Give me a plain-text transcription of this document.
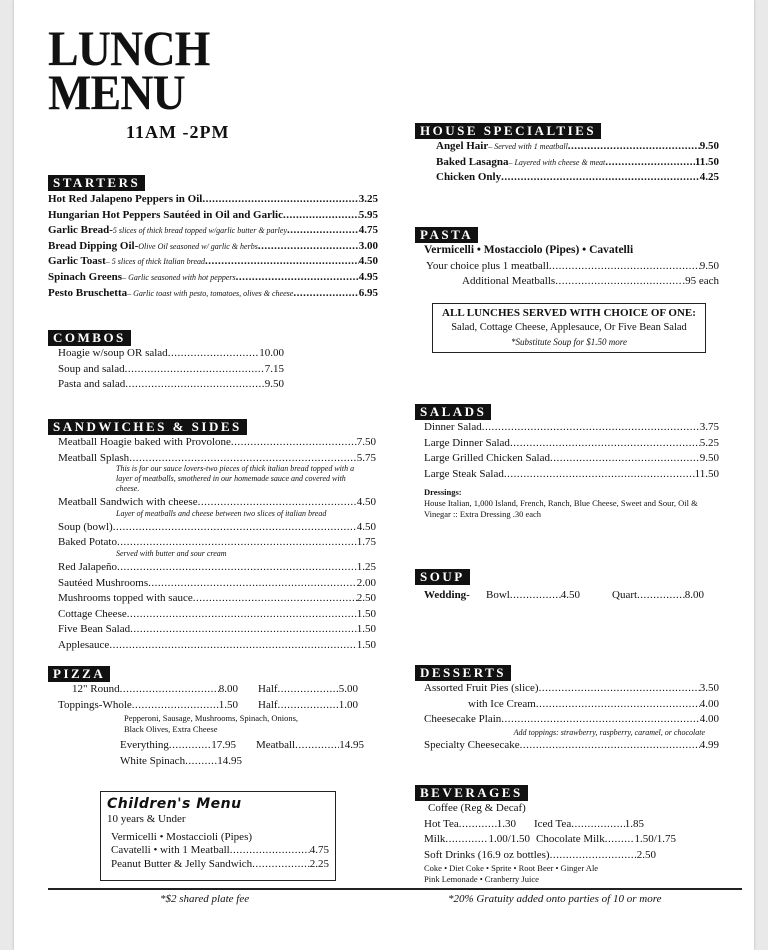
LUNCH
MENU
11AM -2PM
STARTERS
Hot Red Jalapeno Peppers in Oil .....	3.25
Hungarian Hot Peppers Sautéed in Oil and Garlic .....	5.95
Garlic Bread- 5 slices of thick bread topped w/garlic butter & parley .....	4.75
Bread Dipping Oil- Olive Oil seasoned w/ garlic & herbs .....	3.00
Garlic Toast – 5 slices of thick Italian bread .....	4.50
Spinach Greens – Garlic seasoned with hot peppers .....	4.95
Pesto Bruschetta – Garlic toast with pesto, tomatoes, olives & cheese .....	6.95
COMBOS
Hoagie w/soup OR salad .....	10.00
Soup and salad .....	7.15
Pasta and salad .....	9.50
SANDWICHES & SIDES
Meatball Hoagie baked with Provolone .....	7.50
Meatball Splash .....	5.75
This is for our sauce lovers-two pieces of thick italian bread topped with a layer of meatballs, smothered in our homemade sauce and covered with cheese.
Meatball Sandwich with cheese .....	4.50
Layer of meatballs and cheese between two slices of italian bread
Soup (bowl) .....	4.50
Baked Potato .....	1.75
Served with butter and sour cream
Red Jalapeño .....	1.25
Sautéed Mushrooms .....	2.00
Mushrooms topped with sauce .....	2.50
Cottage Cheese .....	1.50
Five Bean Salad .....	1.50
Applesauce .....	1.50
PIZZA
12" Round .....	8.00 Half .....	5.00
Toppings-Whole .....	1.50 Half .....	1.00
Pepperoni, Sausage, Mushrooms, Spinach, Onions, Black Olives, Extra Cheese
Everything .....	17.95 Meatball .....	14.95
White Spinach .....	14.95
Children's Menu
10 years & Under
Vermicelli • Mostaccioli (Pipes)
Cavatelli • with 1 Meatball .....	4.75
Peanut Butter & Jelly Sandwich .....	2.25
HOUSE SPECIALTIES
Angel Hair – Served with 1 meatball .....	9.50
Baked Lasagna – Layered with cheese & meat .....	11.50
Chicken Only .....	4.25
PASTA
Vermicelli • Mostacciolo (Pipes) • Cavatelli
Your choice plus 1 meatball .....	9.50
Additional Meatballs .....	.95 each
ALL LUNCHES SERVED WITH CHOICE OF ONE:
Salad, Cottage Cheese, Applesauce, Or Five Bean Salad
*Substitute Soup for $1.50 more
SALADS
Dinner Salad .....	3.75
Large Dinner Salad .....	5.25
Large Grilled Chicken Salad .....	9.50
Large Steak Salad .....	11.50
Dressings:
House Italian, 1,000 Island, French, Ranch, Blue Cheese, Sweet and Sour, Oil & Vinegar :: Extra Dressing .30 each
SOUP
Wedding-	Bowl .....	4.50	Quart .....	8.00
DESSERTS
Assorted Fruit Pies (slice) .....	3.50
with Ice Cream .....	4.00
Cheesecake Plain .....	4.00
Add toppings: strawberry, raspberry, caramel, or chocolate
Specialty Cheesecake .....	4.99
BEVERAGES
Coffee (Reg & Decaf)
Hot Tea .....	1.30 Iced Tea .....	1.85
Milk .....	1.00/1.50 Chocolate Milk .....	1.50/1.75
Soft Drinks (16.9 oz bottles) .....	2.50
Coke • Diet Coke • Sprite • Root Beer • Ginger Ale
Pink Lemonade • Cranberry Juice
*$2 shared plate fee	*20% Gratuity added onto parties of 10 or more
